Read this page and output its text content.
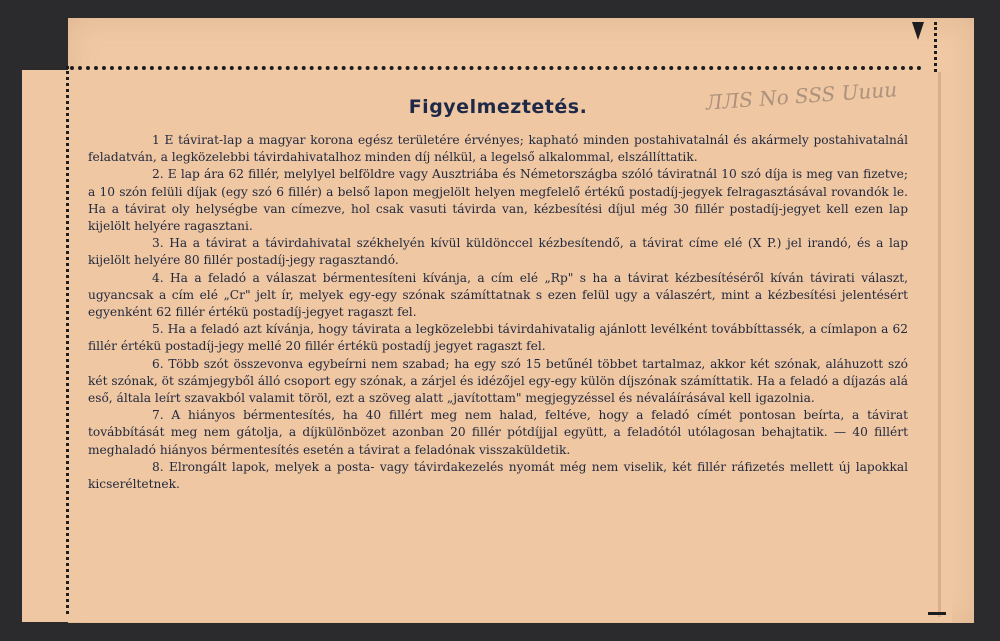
ЛЛS No SSS Uuuu
Figyelmeztetés.

1 E távirat-lap a magyar korona egész területére érvényes; kapható minden postahivatalnál és akármely postahivatalnál feladatván, a legközelebbi távirdahivatalhoz minden díj nélkül, a legelső alkalommal, elszállíttatik.

2. E lap ára 62 fillér, melylyel belföldre vagy Ausztriába és Németországba szóló táviratnál 10 szó díja is meg van fizetve; a 10 szón felüli díjak (egy szó 6 fillér) a belső lapon megjelölt helyen megfelelő értékű postadíj-jegyek felragasztásával rovandók le. Ha a távirat oly helységbe van címezve, hol csak vasuti távirda van, kézbesítési díjul még 30 fillér postadíj-jegyet kell ezen lap kijelölt helyére ragasztani.

3. Ha a távirat a távirdahivatal székhelyén kívül küldönccel kézbesítendő, a távirat címe elé (X P.) jel irandó, és a lap kijelölt helyére 80 fillér postadíj-jegy ragasztandó.

4. Ha a feladó a válaszat bérmentesíteni kívánja, a cím elé „Rp" s ha a távirat kézbesítéséről kíván távirati választ, ugyancsak a cím elé „Cr" jelt ír, melyek egy-egy szónak számíttatnak s ezen felül ugy a válaszért, mint a kézbesítési jelentésért egyenként 62 fillér értékü postadíj-jegyet ragaszt fel.

5. Ha a feladó azt kívánja, hogy távirata a legközelebbi távirdahivatalig ajánlott levélként továbbíttassék, a címlapon a 62 fillér értékü postadíj-jegy mellé 20 fillér értékü postadíj jegyet ragaszt fel.

6. Több szót összevonva egybeírni nem szabad; ha egy szó 15 betűnél többet tartalmaz, akkor két szónak, aláhuzott szó két szónak, öt számjegyből álló csoport egy szónak, a zárjel és idézőjel egy-egy külön díjszónak számíttatik. Ha a feladó a díjazás alá eső, általa leírt szavakból valamit töröl, ezt a szöveg alatt „javítottam" megjegyzéssel és névaláírásával kell igazolnia.

7. A hiányos bérmentesítés, ha 40 fillért meg nem halad, feltéve, hogy a feladó címét pontosan beírta, a távirat továbbítását meg nem gátolja, a díjkülönbözet azonban 20 fillér pótdíjjal együtt, a feladótól utólagosan behajtatik. — 40 fillért meghaladó hiányos bérmentesítés esetén a távirat a feladónak visszaküldetik.

8. Elrongált lapok, melyek a posta- vagy távirdakezelés nyomát még nem viselik, két fillér ráfizetés mellett új lapokkal kicseréltetnek.
